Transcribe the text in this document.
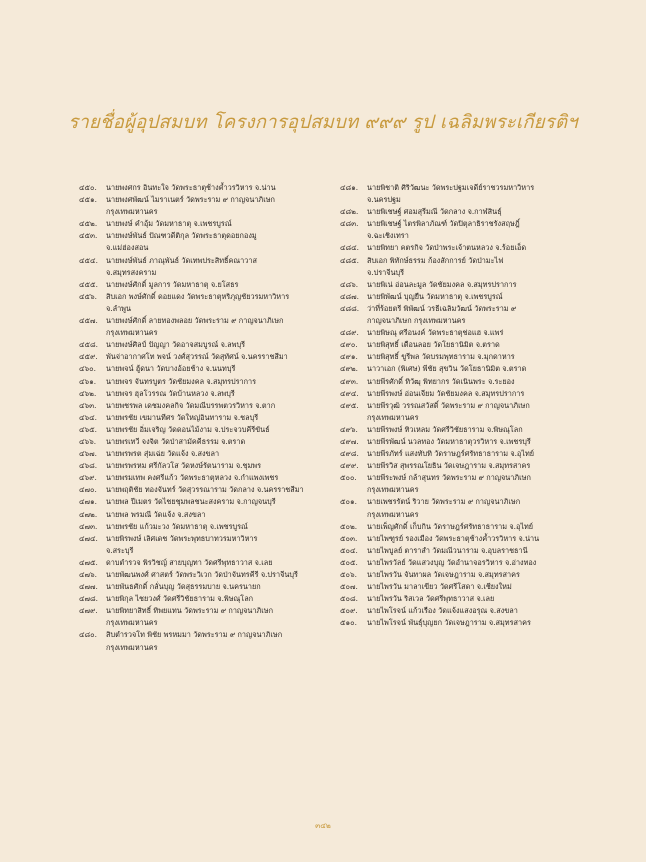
รายชื่อผู้อุปสมบท โครงการอุปสมบท ๙๙๙ รูป เฉลิมพระเกียรติฯ
๔๕๐.	นายพงศกร อินทะใจ วัดพระธาตุช้างค้ำวรวิหาร จ.น่าน
๔๕๑.	นายพงศพัฒน์ ไมราเนตร์ วัดพระราม ๙ กาญจนาภิเษก
กรุงเทพมหานคร
๔๕๒.	นายพงษ์ คำอุ้ม วัดมหาธาตุ จ.เพชรบูรณ์
๔๕๓.	นายพงษ์พันธ์ ปัณฑวดีติกุล วัดพระธาตุดอยกองมู
จ.แม่ฮ่องสอน
๔๕๔.	นายพงษ์พันธ์ ภาณุพันธ์ วัดเทพประสิทธิ์คณาวาส
จ.สมุทรสงคราม
๔๕๕.	นายพงษ์ศักดิ์ มูลการ วัดมหาธาตุ จ.ยโสธร
๔๕๖.	สิบเอก พงษ์ศักดิ์ ดอยแดง วัดพระธาตุหริภุญชัยวรมหาวิหาร
จ.ลำพูน
๔๕๗.	นายพงษ์ศักดิ์ ลายทองพลอย วัดพระราม ๙ กาญจนาภิเษก
กรุงเทพมหานคร
๔๕๘.	นายพงษ์ศิลป์ ปัญญา วัดอาจสมบูรณ์ จ.ลพบุรี
๔๕๙.	พันจ่าอากาศโท พจน์ วงศ์สุวรรณ์ วัดสุทัศน์ จ.นครราชสีมา
๔๖๐.	นายพจน์ ฮู้ดนา วัดบางอ้อยช้าง จ.นนทบุรี
๔๖๑.	นายพจร จันทรบูตร วัดชัยมงคล จ.สมุทรปราการ
๔๖๒.	นายพจร ฮุลโวรรณ วัดบ้านหลวง จ.ลพบุรี
๔๖๓.	นายพชรพล เดชมงคลกิจ วัดมณีบรรพตวรวิหาร จ.ตาก
๔๖๔.	นายพรชัย เขมานทีศร วัดใหญ่อินทาราม จ.ชลบุรี
๔๖๕.	นายพรชัย อิ่มเจริญ วัดดอนไม้งาม จ.ประจวบคีรีขันธ์
๔๖๖.	นายพรเทวี จงจิต วัดป่าสามัคคีธรรม จ.ตราด
๔๖๗.	นายพรพรต สุ่มเฉ่ย วัดแจ้ง จ.สงขลา
๔๖๘.	นายพรพรหม ศรีกัลวโส วัดหงษ์รัตนาราม จ.ชุมพร
๔๖๙.	นายพรมเทพ คงศรีแก้ว วัดพระธาตุหลวง จ.กำแพงเพชร
๔๗๐.	นายพฤติชัย ทองจันทร์ วัดสุวรรณาราม วัดกลาง จ.นครราชสีมา
๔๗๑.	นายพล ปีเมตร วัดไชยชุมพลชนะสงคราม จ.กาญจนบุรี
๔๗๒.	นายพล พรมณี วัดแจ้ง จ.สงขลา
๔๗๓.	นายพรชัย แก้วมะวง วัดมหาธาตุ จ.เพชรบูรณ์
๔๗๔.	นายพิรพงษ์ เลิศเดช วัดพระพุทธบาทวรมหาวิหาร
จ.สระบุรี
๔๗๕.	ดาบตำรวจ พิรวิชญ์ สายบุญทา วัดศรีพุทธาวาส จ.เลย
๔๗๖.	นายพัฒนพงศ์ ศาสตร์ วัดพระวิเวก วัดป่าจันทรคีรี จ.ปราจีนบุรี
๔๗๗.	นายพันธศักดิ์ กลั่นบุญ วัดสุธรรมบาย จ.นครนายก
๔๗๘.	นายพิกุล ไชยวงศ์ วัดศรีวิชัยธาราม จ.พิษณุโลก
๔๗๙.	นายพิทยาสิทธิ์ ทิพยแทน วัดพระราม ๙ กาญจนาภิเษก
กรุงเทพมหานคร
๔๘๐.	สิบตำรวจโท พิชัย พรหมมา วัดพระราม ๙ กาญจนาภิเษก
กรุงเทพมหานคร
๔๘๑.	นายพิชาติ ศิริวัฒนะ วัดพระปฐมเจดีย์ราชวรมหาวิหาร
จ.นครปฐม
๔๘๒.	นายพิเชษฐ์ ศอมสุรีมณี วัดกลาง จ.กาฬสินธุ์
๔๘๓.	นายพิเชษฐ์ ไตรพิลาภัณฑ์ วัดปิตุลาธิราชรังสฤษฎิ์
จ.ฉะเชิงเทรา
๔๘๔.	นายพิทยา คตรกิจ วัดป่าพระเจ้าตนหลวง จ.ร้อยเอ็ด
๔๘๕.	สิบเอก พิทักษ์ธรรม ก้องสักการย์ วัดป่ามะไฟ
จ.ปราจีนบุรี
๔๘๖.	นายพิเน่ อ่อนละมูล วัดชัยมงคล จ.สมุทรปราการ
๔๘๗.	นายพิพัฒน์ บุญยืน วัดมหาธาตุ จ.เพชรบูรณ์
๔๘๘.	ว่าที่ร้อยตรี พิพัฒน์ วรธีเฉลิมวัฒน์ วัดพระราม ๙
กาญจนาภิเษก กรุงเทพมหานคร
๔๘๙.	นายพิษณุ ศรีอนงค์ วัดพระธาตุช่อแฮ จ.แพร่
๔๙๐.	นายพิสุทธิ์ เดือนลอย วัดโยธานิมิต จ.ตราด
๔๙๑.	นายพิสุทธิ์ ขูรีพล วัดบรมพุทธาราม จ.มุกดาหาร
๔๙๒.	นาวาเอก (พิเศษ) พีชัย สุขวิน วัดโยธานิมิต จ.ตราด
๔๙๓.	นายพีรศักดิ์ ทิวัฒุ พิทยากร วัดเนินพระ จ.ระยอง
๔๙๔.	นายพีรพงษ์ อ่อนเจียม วัดชัยมงคล จ.สมุทรปราการ
๔๙๕.	นายพีรวุฒิ วรรณสวัสดิ์ วัดพระราม ๙ กาญจนาภิเษก
กรุงเทพมหานคร
๔๙๖.	นายพีรพงษ์ ทิวเหลม วัดศรีวิชัยธาราม จ.พิษณุโลก
๔๙๗.	นายพีรพัฒน์ นวลทอง วัดมหาธาตุวรวิหาร จ.เพชรบุรี
๔๙๘.	นายพีรภัทร์ แสงทับทิ วัดราษฎร์ศรัทธาธาราม จ.อุไทย์
๔๙๙.	นายพีรวิส สุพรรณโยธิน วัดเจษฎาราม จ.สมุทรสาคร
๕๐๐.	นายพีระพงษ์ กล้าสุนทร วัดพระราม ๙ กาญจนาภิเษก
กรุงเทพมหานคร
๕๐๑.	นายเพชรรัตน์ ริวาย วัดพระราม ๙ กาญจนาภิเษก
กรุงเทพมหานคร
๕๐๒.	นายเพ็ญศักดิ์ เก็บกิน วัดราษฎร์ศรัทธาธาราม จ.อุไทย์
๕๐๓.	นายไพฑูรย์ รองเมือง วัดพระธาตุช้างค้ำวรวิหาร จ.น่าน
๕๐๔.	นายไพบูลย์ ตาราสำ วัดมณีวนาราม จ.อุบลราชธานี
๕๐๕.	นายไพรวัลย์ วัดแสวงบุญ วัดอำนาจอรวิหาร จ.อ่างทอง
๕๐๖.	นายไพรวัน จันทาผล วัดเจษฎาราม จ.สมุทรสาคร
๕๐๗.	นายไพรวัน มาลาเขียว วัดศรีโสดา จ.เชียงใหม่
๕๐๘.	นายไพรวัน ริสเวล วัดศรีพุทธาวาส จ.เลย
๕๐๙.	นายไพโรจน์ แก้วเรือง วัดแจ้งแสงอรุณ จ.สงขลา
๕๑๐.	นายไพโรจน์ พันธุ์บุญยก วัดเจษฎาราม จ.สมุทรสาคร
๓๔๒
